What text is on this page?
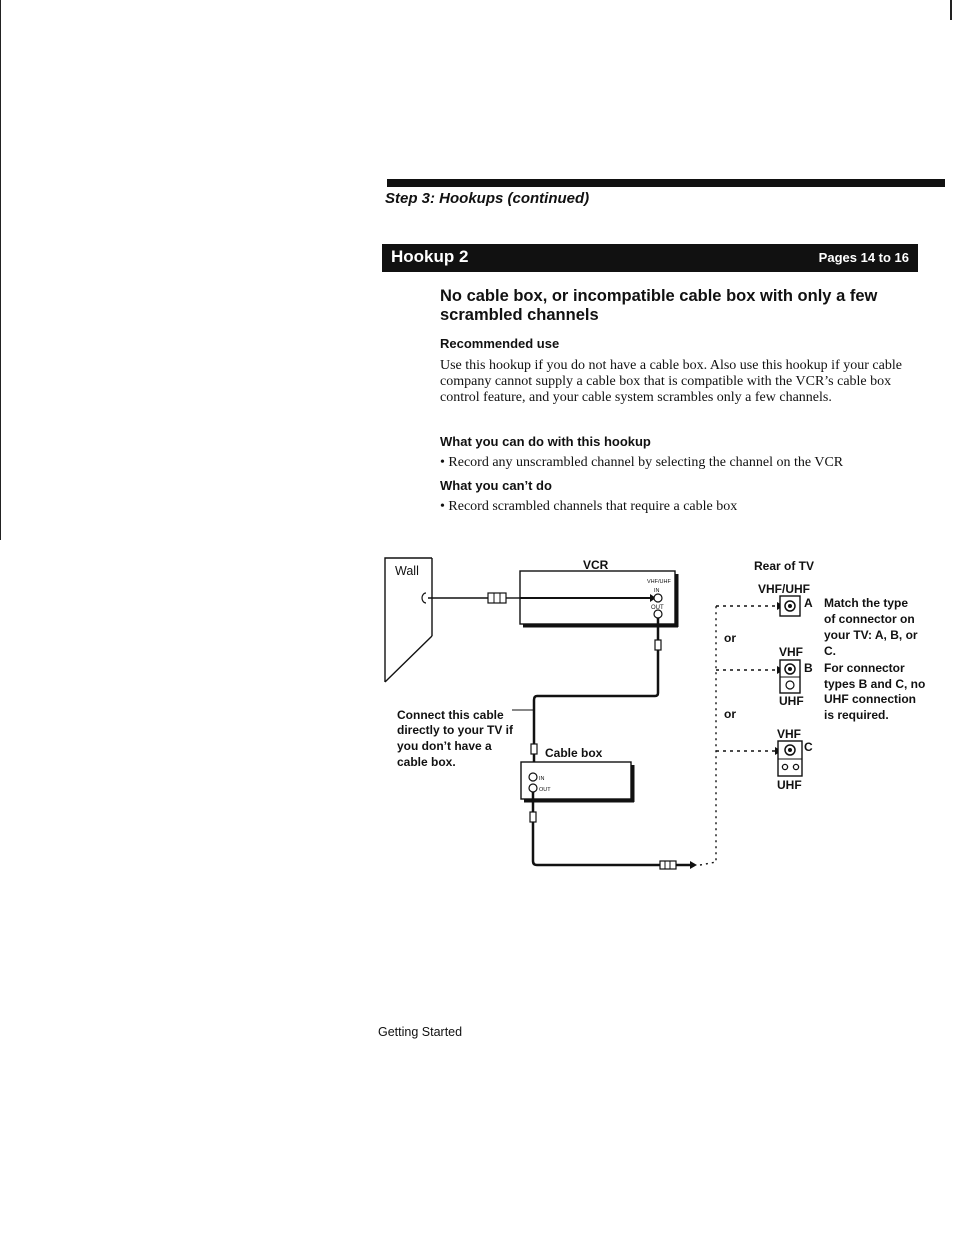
Step 3: Hookups (continued)
Hookup 2	Pages 14 to 16
No cable box, or incompatible cable box with only a few scrambled channels
Recommended use
Use this hookup if you do not have a cable box. Also use this hookup if your cable company cannot supply a cable box that is compatible with the VCR’s cable box control feature, and your cable system scrambles only a few channels.
What you can do with this hookup
• Record any unscrambled channel by selecting the channel on the VCR
What you can’t do
• Record scrambled channels that require a cable box
Wall	VCR
VHF/UHF
IN
OUT
IN
OUT
Cable box
Rear of TV
VHF/UHF
A
or
VHF
B
UHF
or
VHF
C
UHF
Match the type
of connector on
your TV: A, B, or
C.
For connector
types B and C, no
UHF connection
is required.
Connect this cable
directly to your TV if
you don’t have a
cable box.
Getting Started
